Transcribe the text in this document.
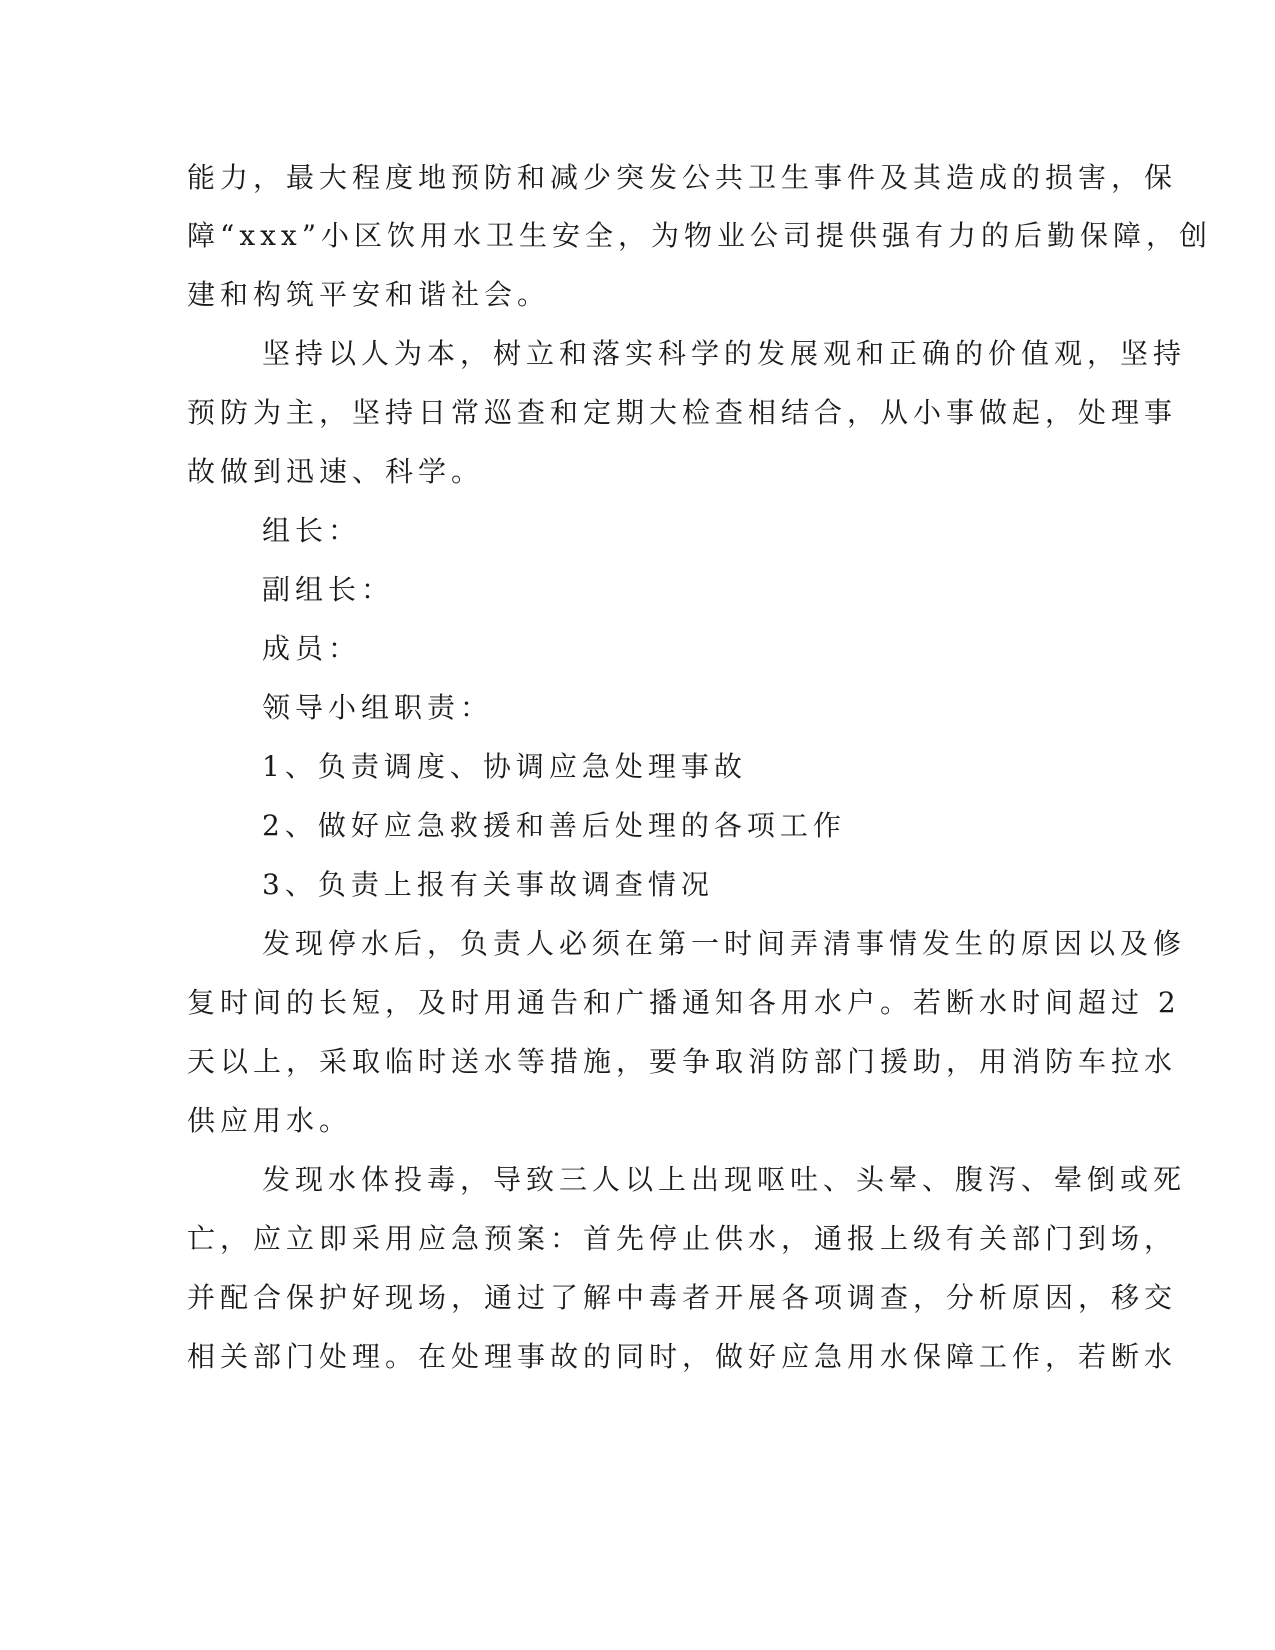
能力，最大程度地预防和减少突发公共卫生事件及其造成的损害，保
障“xxx”小区饮用水卫生安全，为物业公司提供强有力的后勤保障，创
建和构筑平安和谐社会。
坚持以人为本，树立和落实科学的发展观和正确的价值观，坚持
预防为主，坚持日常巡查和定期大检查相结合，从小事做起，处理事
故做到迅速、科学。
组长：
副组长：
成员：
领导小组职责：
1、负责调度、协调应急处理事故
2、做好应急救援和善后处理的各项工作
3、负责上报有关事故调查情况
发现停水后，负责人必须在第一时间弄清事情发生的原因以及修
复时间的长短，及时用通告和广播通知各用水户。若断水时间超过 2
天以上，采取临时送水等措施，要争取消防部门援助，用消防车拉水
供应用水。
发现水体投毒，导致三人以上出现呕吐、头晕、腹泻、晕倒或死
亡，应立即采用应急预案：首先停止供水，通报上级有关部门到场，
并配合保护好现场，通过了解中毒者开展各项调查，分析原因，移交
相关部门处理。在处理事故的同时，做好应急用水保障工作，若断水
